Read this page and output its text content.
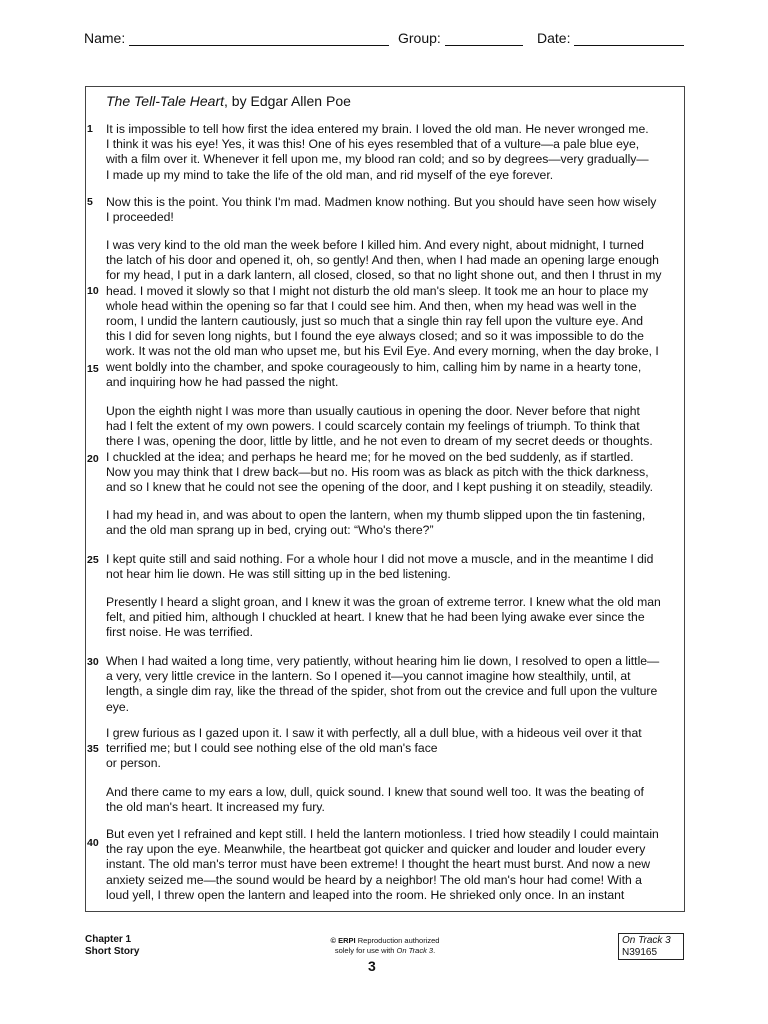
Name:	Group:	Date:
The Tell-Tale Heart, by Edgar Allen Poe
1
5
10
15
20
25
30
35
40
It is impossible to tell how first the idea entered my brain. I loved the old man. He never wronged me.
I think it was his eye! Yes, it was this! One of his eyes resembled that of a vulture—a pale blue eye,
with a film over it. Whenever it fell upon me, my blood ran cold; and so by degrees—very gradually—
I made up my mind to take the life of the old man, and rid myself of the eye forever.
Now this is the point. You think I'm mad. Madmen know nothing. But you should have seen how wisely
I proceeded!
I was very kind to the old man the week before I killed him. And every night, about midnight, I turned
the latch of his door and opened it, oh, so gently! And then, when I had made an opening large enough
for my head, I put in a dark lantern, all closed, closed, so that no light shone out, and then I thrust in my
head. I moved it slowly so that I might not disturb the old man's sleep. It took me an hour to place my
whole head within the opening so far that I could see him. And then, when my head was well in the
room, I undid the lantern cautiously, just so much that a single thin ray fell upon the vulture eye. And
this I did for seven long nights, but I found the eye always closed; and so it was impossible to do the
work. It was not the old man who upset me, but his Evil Eye. And every morning, when the day broke, I
went boldly into the chamber, and spoke courageously to him, calling him by name in a hearty tone,
and inquiring how he had passed the night.
Upon the eighth night I was more than usually cautious in opening the door. Never before that night
had I felt the extent of my own powers. I could scarcely contain my feelings of triumph. To think that
there I was, opening the door, little by little, and he not even to dream of my secret deeds or thoughts.
I chuckled at the idea; and perhaps he heard me; for he moved on the bed suddenly, as if startled.
Now you may think that I drew back—but no. His room was as black as pitch with the thick darkness,
and so I knew that he could not see the opening of the door, and I kept pushing it on steadily, steadily.
I had my head in, and was about to open the lantern, when my thumb slipped upon the tin fastening,
and the old man sprang up in bed, crying out: “Who's there?”
I kept quite still and said nothing. For a whole hour I did not move a muscle, and in the meantime I did
not hear him lie down. He was still sitting up in the bed listening.
Presently I heard a slight groan, and I knew it was the groan of extreme terror. I knew what the old man
felt, and pitied him, although I chuckled at heart. I knew that he had been lying awake ever since the
first noise. He was terrified.
When I had waited a long time, very patiently, without hearing him lie down, I resolved to open a little—
a very, very little crevice in the lantern. So I opened it—you cannot imagine how stealthily, until, at
length, a single dim ray, like the thread of the spider, shot from out the crevice and full upon the vulture
eye.
I grew furious as I gazed upon it. I saw it with perfectly, all a dull blue, with a hideous veil over it that
terrified me; but I could see nothing else of the old man's face
or person.
And there came to my ears a low, dull, quick sound. I knew that sound well too. It was the beating of
the old man's heart. It increased my fury.
But even yet I refrained and kept still. I held the lantern motionless. I tried how steadily I could maintain
the ray upon the eye. Meanwhile, the heartbeat got quicker and quicker and louder and louder every
instant. The old man's terror must have been extreme! I thought the heart must burst. And now a new
anxiety seized me—the sound would be heard by a neighbor! The old man's hour had come! With a
loud yell, I threw open the lantern and leaped into the room. He shrieked only once. In an instant
Chapter 1
Short Story
© ERPI Reproduction authorized
solely for use with On Track 3.
On Track 3
N39165
3
